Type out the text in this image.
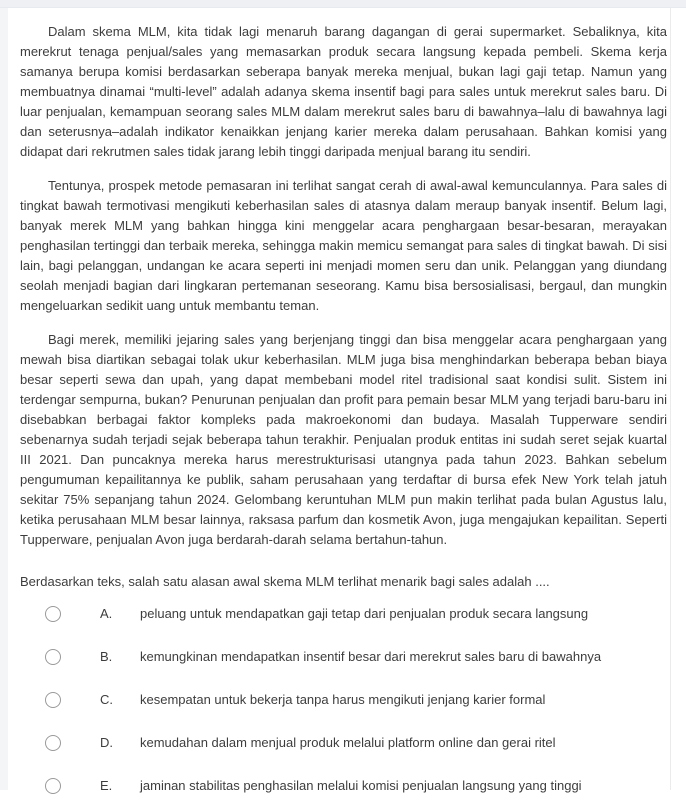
Dalam skema MLM, kita tidak lagi menaruh barang dagangan di gerai supermarket. Sebaliknya, kita merekrut tenaga penjual/sales yang memasarkan produk secara langsung kepada pembeli. Skema kerja samanya berupa komisi berdasarkan seberapa banyak mereka menjual, bukan lagi gaji tetap. Namun yang membuatnya dinamai “multi-level” adalah adanya skema insentif bagi para sales untuk merekrut sales baru. Di luar penjualan, kemampuan seorang sales MLM dalam merekrut sales baru di bawahnya–lalu di bawahnya lagi dan seterusnya–adalah indikator kenaikkan jenjang karier mereka dalam perusahaan. Bahkan komisi yang didapat dari rekrutmen sales tidak jarang lebih tinggi daripada menjual barang itu sendiri.

Tentunya, prospek metode pemasaran ini terlihat sangat cerah di awal-awal kemunculannya. Para sales di tingkat bawah termotivasi mengikuti keberhasilan sales di atasnya dalam meraup banyak insentif. Belum lagi, banyak merek MLM yang bahkan hingga kini menggelar acara penghargaan besar-besaran, merayakan penghasilan tertinggi dan terbaik mereka, sehingga makin memicu semangat para sales di tingkat bawah. Di sisi lain, bagi pelanggan, undangan ke acara seperti ini menjadi momen seru dan unik. Pelanggan yang diundang seolah menjadi bagian dari lingkaran pertemanan seseorang. Kamu bisa bersosialisasi, bergaul, dan mungkin mengeluarkan sedikit uang untuk membantu teman.

Bagi merek, memiliki jejaring sales yang berjenjang tinggi dan bisa menggelar acara penghargaan yang mewah bisa diartikan sebagai tolak ukur keberhasilan. MLM juga bisa menghindarkan beberapa beban biaya besar seperti sewa dan upah, yang dapat membebani model ritel tradisional saat kondisi sulit. Sistem ini terdengar sempurna, bukan? Penurunan penjualan dan profit para pemain besar MLM yang terjadi baru-baru ini disebabkan berbagai faktor kompleks pada makroekonomi dan budaya. Masalah Tupperware sendiri sebenarnya sudah terjadi sejak beberapa tahun terakhir. Penjualan produk entitas ini sudah seret sejak kuartal III 2021. Dan puncaknya mereka harus merestrukturisasi utangnya pada tahun 2023. Bahkan sebelum pengumuman kepailitannya ke publik, saham perusahaan yang terdaftar di bursa efek New York telah jatuh sekitar 75% sepanjang tahun 2024. Gelombang keruntuhan MLM pun makin terlihat pada bulan Agustus lalu, ketika perusahaan MLM besar lainnya, raksasa parfum dan kosmetik Avon, juga mengajukan kepailitan. Seperti Tupperware, penjualan Avon juga berdarah-darah selama bertahun-tahun.

Berdasarkan teks, salah satu alasan awal skema MLM terlihat menarik bagi sales adalah ....

A.	peluang untuk mendapatkan gaji tetap dari penjualan produk secara langsung
B.	kemungkinan mendapatkan insentif besar dari merekrut sales baru di bawahnya
C.	kesempatan untuk bekerja tanpa harus mengikuti jenjang karier formal
D.	kemudahan dalam menjual produk melalui platform online dan gerai ritel
E.	jaminan stabilitas penghasilan melalui komisi penjualan langsung yang tinggi
